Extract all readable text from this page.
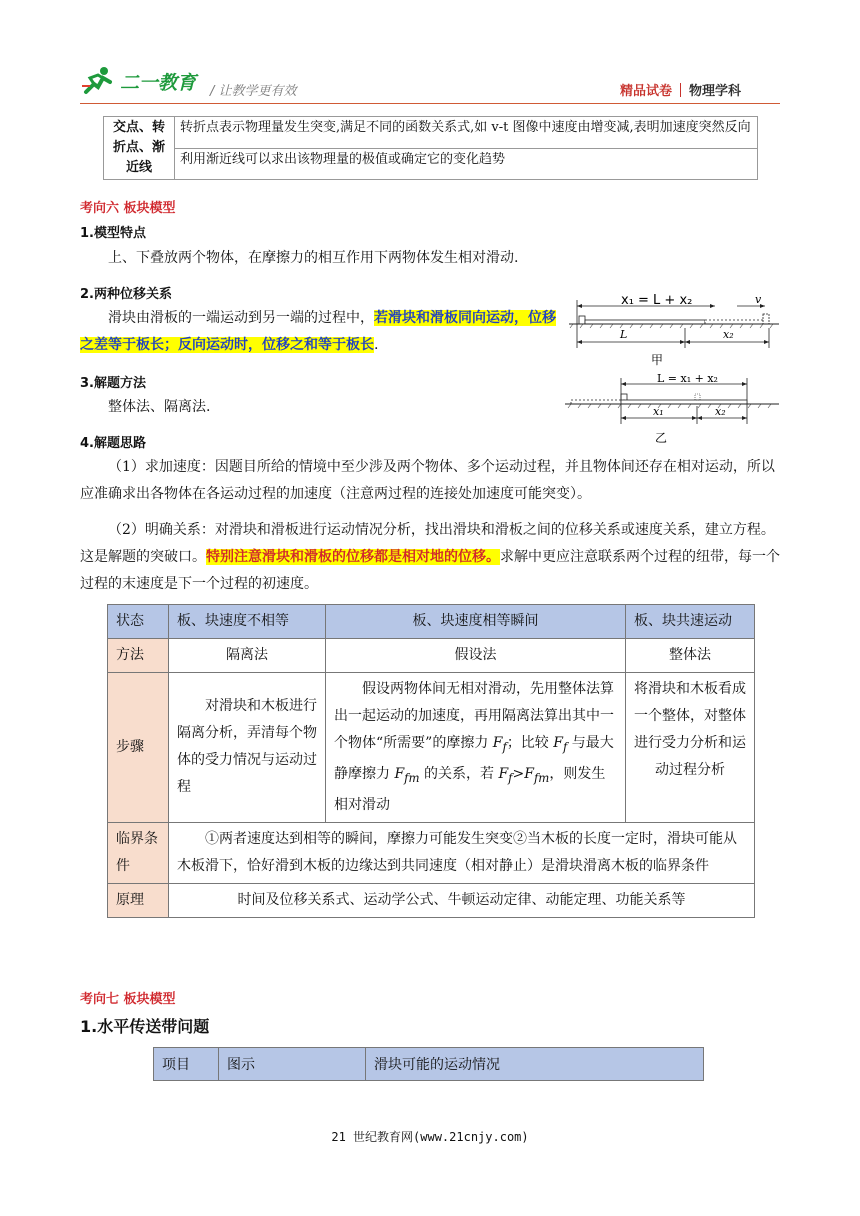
二一教育 / 让教学更有效	精品试卷 物理学科
交点、转折点、渐近线	转折点表示物理量发生突变,满足不同的函数关系式,如 v-t 图像中速度由增变减,表明加速度突然反向
利用渐近线可以求出该物理量的极值或确定它的变化趋势
考向六 板块模型
1.模型特点
上、下叠放两个物体，在摩擦力的相互作用下两物体发生相对滑动.
2.两种位移关系
滑块由滑板的一端运动到另一端的过程中，若滑块和滑板同向运动，位移之差等于板长；反向运动时，位移之和等于板长.
3.解题方法
整体法、隔离法.
4.解题思路
（1）求加速度：因题目所给的情境中至少涉及两个物体、多个运动过程，并且物体间还存在相对运动，所以应准确求出各物体在各运动过程的加速度（注意两过程的连接处加速度可能突变）。
（2）明确关系：对滑块和滑板进行运动情况分析，找出滑块和滑板之间的位移关系或速度关系，建立方程。这是解题的突破口。特别注意滑块和滑板的位移都是相对地的位移。求解中更应注意联系两个过程的纽带，每一个过程的末速度是下一个过程的初速度。
x₁ = L + x₂	v
L	x₂
甲
L = x₁ + x₂
x₁	x₂
乙
状态	板、块速度不相等	板、块速度相等瞬间	板、块共速运动
方法	隔离法	假设法	整体法
步骤	对滑块和木板进行隔离分析，弄清每个物体的受力情况与运动过程	假设两物体间无相对滑动，先用整体法算出一起运动的加速度，再用隔离法算出其中一个物体“所需要”的摩擦力 $F_f$；比较 $F_f$ 与最大静摩擦力 $F_{fm}$ 的关系，若 $F_f>F_{fm}$，则发生相对滑动	将滑块和木板看成一个整体，对整体进行受力分析和运动过程分析
临界条件	①两者速度达到相等的瞬间，摩擦力可能发生突变②当木板的长度一定时，滑块可能从木板滑下，恰好滑到木板的边缘达到共同速度（相对静止）是滑块滑离木板的临界条件		
原理	时间及位移关系式、运动学公式、牛顿运动定律、动能定理、功能关系等		
考向七 板块模型
1.水平传送带问题
项目	图示	滑块可能的运动情况
21 世纪教育网(www.21cnjy.com)
